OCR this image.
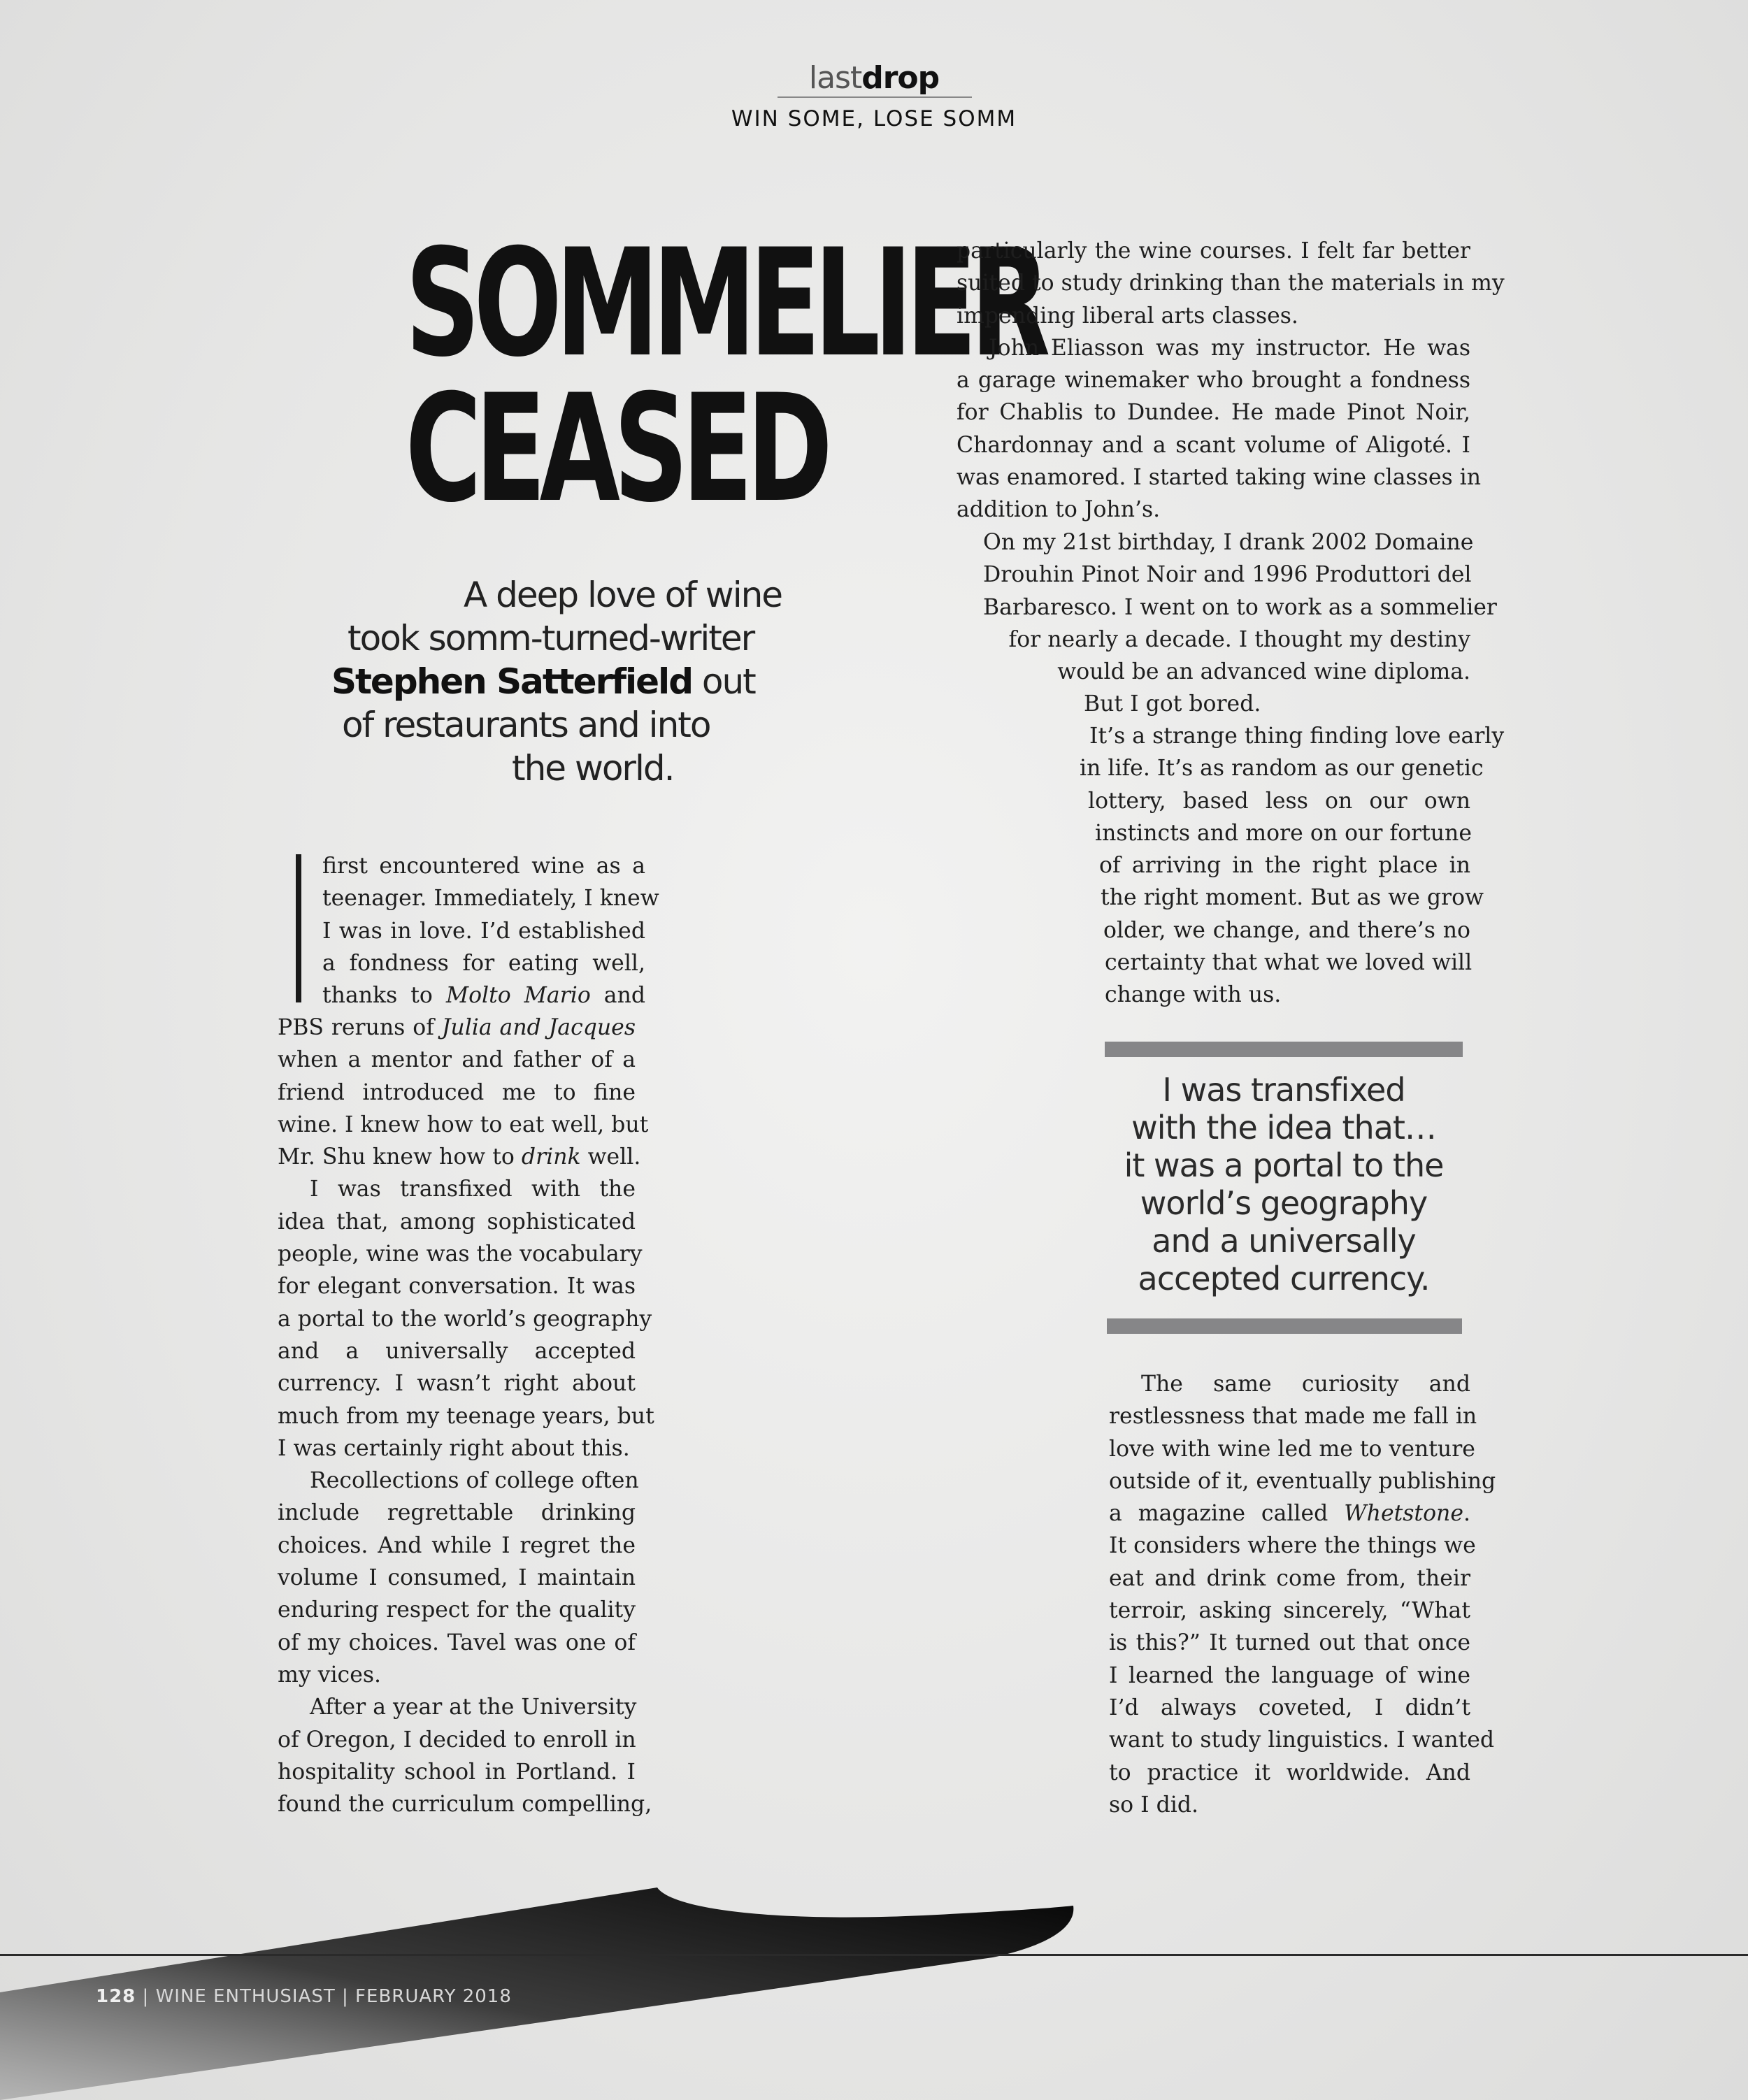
lastdrop
WIN SOME, LOSE SOMM
SOMMELIER
CEASED
A deep love of wine
took somm-turned-writer
Stephen Satterfield out
of restaurants and into
the world.
first encountered wine as a
teenager. Immediately, I knew
I was in love. I’d established
a fondness for eating well,
thanks to Molto Mario and
PBS reruns of Julia and Jacques
when a mentor and father of a
friend introduced me to fine
wine. I knew how to eat well, but
Mr. Shu knew how to drink well.
I was transfixed with the
idea that, among sophisticated
people, wine was the vocabulary
for elegant conversation. It was
a portal to the world’s geography
and a universally accepted
currency. I wasn’t right about
much from my teenage years, but
I was certainly right about this.
Recollections of college often
include regrettable drinking
choices. And while I regret the
volume I consumed, I maintain
enduring respect for the quality
of my choices. Tavel was one of
my vices.
After a year at the University
of Oregon, I decided to enroll in
hospitality school in Portland. I
found the curriculum compelling,
particularly the wine courses. I felt far better
suited to study drinking than the materials in my
impending liberal arts classes.
John Eliasson was my instructor. He was
a garage winemaker who brought a fondness
for Chablis to Dundee. He made Pinot Noir,
Chardonnay and a scant volume of Aligoté. I
was enamored. I started taking wine classes in
addition to John’s.
On my 21st birthday, I drank 2002 Domaine
Drouhin Pinot Noir and 1996 Produttori del
Barbaresco. I went on to work as a sommelier
for nearly a decade. I thought my destiny
would be an advanced wine diploma.
But I got bored.
It’s a strange thing finding love early
in life. It’s as random as our genetic
lottery, based less on our own
instincts and more on our fortune
of arriving in the right place in
the right moment. But as we grow
older, we change, and there’s no
certainty that what we loved will
change with us.
I was transfixed
with the idea that…
it was a portal to the
world’s geography
and a universally
accepted currency.
The same curiosity and
restlessness that made me fall in
love with wine led me to venture
outside of it, eventually publishing
a magazine called Whetstone.
It considers where the things we
eat and drink come from, their
terroir, asking sincerely, “What
is this?” It turned out that once
I learned the language of wine
I’d always coveted, I didn’t
want to study linguistics. I wanted
to practice it worldwide. And
so I did.
128 | WINE ENTHUSIAST | FEBRUARY 2018
